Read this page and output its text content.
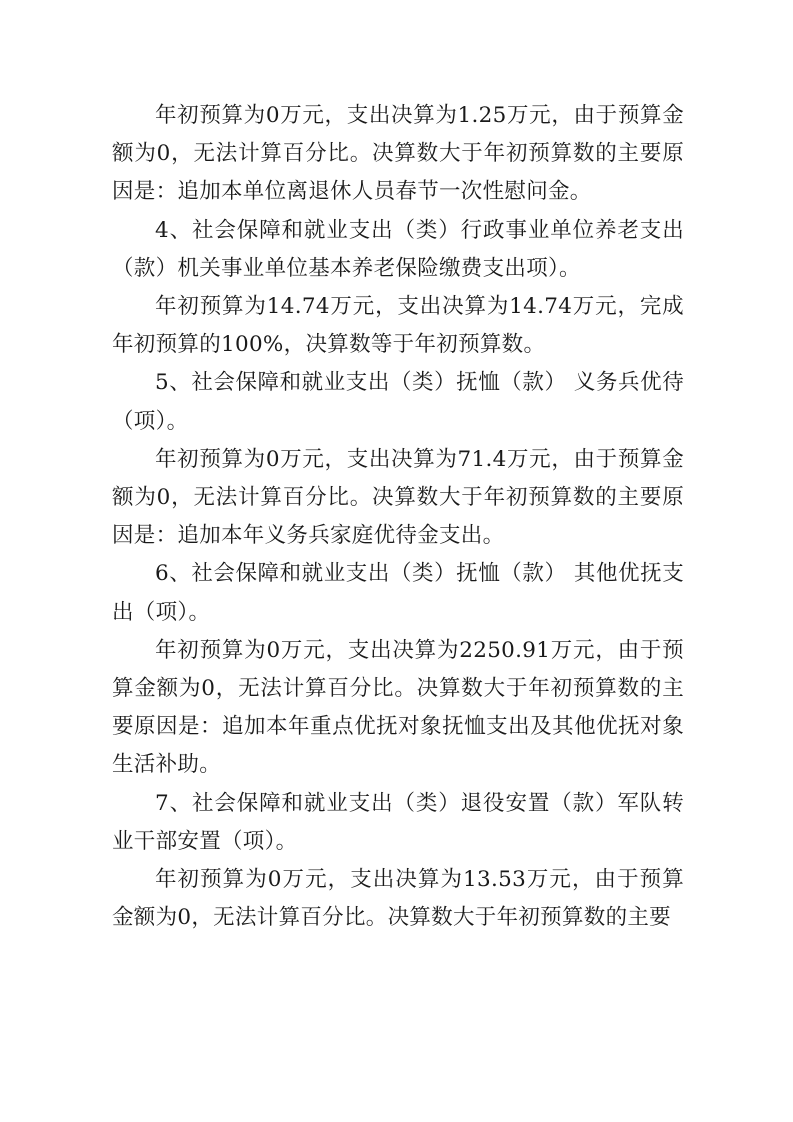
年初预算为0万元，支出决算为1.25万元，由于预算金额为0，无法计算百分比。决算数大于年初预算数的主要原因是：追加本单位离退休人员春节一次性慰问金。

4、社会保障和就业支出（类）行政事业单位养老支出（款）机关事业单位基本养老保险缴费支出项）。

年初预算为14.74万元，支出决算为14.74万元，完成年初预算的100%，决算数等于年初预算数。

5、社会保障和就业支出（类）抚恤（款） 义务兵优待（项）。

年初预算为0万元，支出决算为71.4万元，由于预算金额为0，无法计算百分比。决算数大于年初预算数的主要原因是：追加本年义务兵家庭优待金支出。

6、社会保障和就业支出（类）抚恤（款） 其他优抚支出（项）。

年初预算为0万元，支出决算为2250.91万元，由于预算金额为0，无法计算百分比。决算数大于年初预算数的主要原因是：追加本年重点优抚对象抚恤支出及其他优抚对象生活补助。

7、社会保障和就业支出（类）退役安置（款）军队转业干部安置（项）。

年初预算为0万元，支出决算为13.53万元，由于预算金额为0，无法计算百分比。决算数大于年初预算数的主要
